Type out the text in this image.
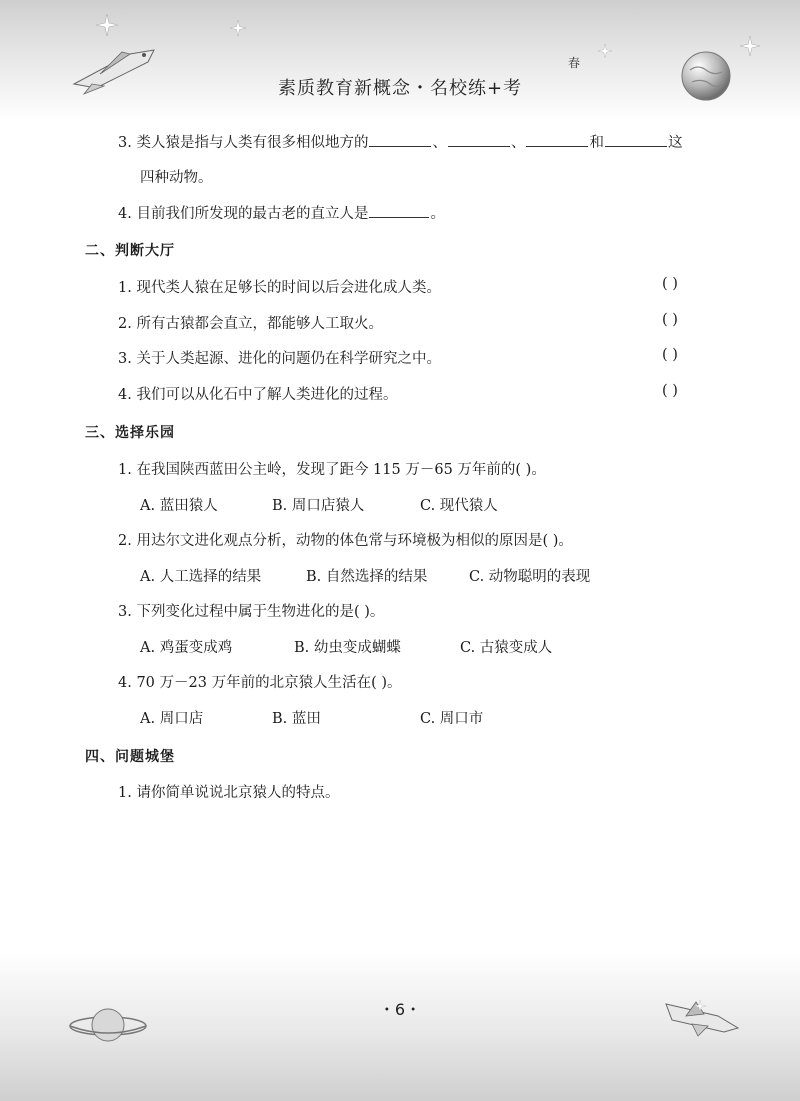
素质教育新概念・名校练+考
春
3. 类人猿是指与人类有很多相似地方的	、	、	和	这
四种动物。
4. 目前我们所发现的最古老的直立人是	。
二、判断大厅
1. 现代类人猿在足够长的时间以后会进化成人类。	( )
2. 所有古猿都会直立，都能够人工取火。	( )
3. 关于人类起源、进化的问题仍在科学研究之中。	( )
4. 我们可以从化石中了解人类进化的过程。	( )
三、选择乐园
1. 在我国陕西蓝田公主岭，发现了距今 115 万－65 万年前的( )。
A. 蓝田猿人	B. 周口店猿人	C. 现代猿人
2. 用达尔文进化观点分析，动物的体色常与环境极为相似的原因是( )。
A. 人工选择的结果	B. 自然选择的结果	C. 动物聪明的表现
3. 下列变化过程中属于生物进化的是( )。
A. 鸡蛋变成鸡	B. 幼虫变成蝴蝶	C. 古猿变成人
4. 70 万－23 万年前的北京猿人生活在( )。
A. 周口店	B. 蓝田	C. 周口市
四、问题城堡
1. 请你简单说说北京猿人的特点。
・6・
